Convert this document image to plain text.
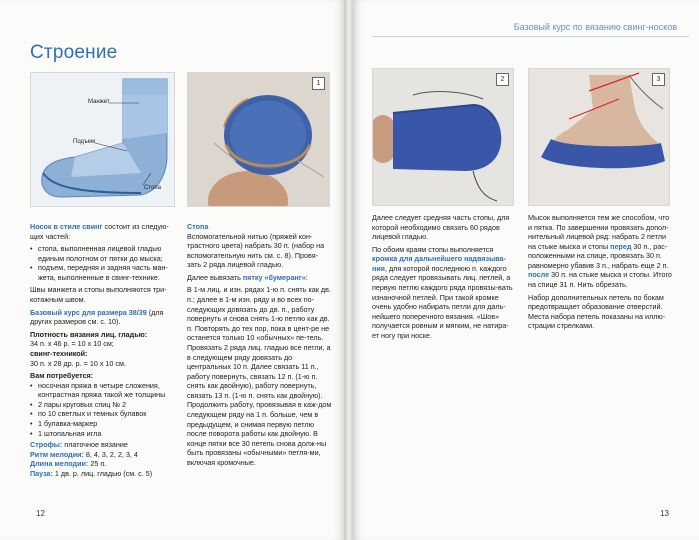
Строение
Манжет
Подъем
Стопа
1

Носок в стиле свинг состоит из следую-щих частей:

• стопа, выполненная лицевой гладью единым полотном от пятки до мыска;
• подъем, передняя и задняя часть ман-жета, выполненные в свинг-технике.

Швы манжета и стопы выполняются три-котажным швом.

Базовый курс для размера 38/39 (для других размеров см. с. 10).

Плотность вязания лиц. гладью:

34 п. х 46 р. = 10 х 10 см;

свинг-техникой:

30 п. х 28 др. р. = 10 х 10 см.

Вам потребуется:

• носочная пряжа в четыре сложения, контрастная пряжа такой же толщины
• 2 пары круговых спиц № 2
• по 10 светлых и темных булавок
• 1 булавка-маркер
• 1 штопальная игла

Строфы: платочное вязание

Ритм мелодии: 8, 4, 3, 2, 2, 3, 4

Длина мелодии: 25 п.

Пауза: 1 дв. р. лиц. гладью (см. с. 5)

Стопа

Вспомогательной нитью (пряжей кон-трастного цвета) набрать 30 п. (набор на вспомогательную нить см. с. 8). Провя-зать 2 ряда лицевой гладью.

Далее вывязать пятку «бумеранг»:

В 1-м лиц. и изн. рядах 1-ю п. снять как дв. п.; далее в 1-м изн. ряду и во всех по-следующих довязать до дв. п., работу повернуть и снова снять 1-ю петлю как дв. п. Повторять до тех пор, пока в цент-ре не останется только 10 «обычных» пе-тель. Провязать 2 ряда лиц. гладью все петли, а в следующем ряду довязать до центральных 10 п. Далее связать 11 п., работу повернуть, связать 12 п. (1-ю п. снять как двойную), работу повернуть, связать 13 п. (1-ю п. снять как двойную). Продолжить работу, провязывая в каж-дом следующем ряду на 1 п. больше, чем в предыдущем, и снимая первую петлю после поворота работы как двойную. В конце пятки все 30 петель снова долж-ны быть провязаны «обычными» петля-ми, включая кромочные.

12
Базовый курс по вязанию свинг-носков
2	3

Далее следует средняя часть стопы, для которой необходимо связать 60 рядов лицевой гладью.

По обоим краям стопы выполняется кромка для дальнейшего надвязыва-ния, для которой последнюю п. каждого ряда следует провязывать лиц. петлей, а первую петлю каждого ряда провязы-вать изнаночной петлей. При такой кромке очень удобно набирать петли для даль-нейшего поперечного вязания. «Шов» получается ровным и мягким, не натира-ет ногу при носке.

Мысок выполняется тем же способом, что и пятка. По завершении провязать допол-нительный лицевой ряд: набрать 2 петли на стыке мыска и стопы перед 30 п., рас-положенными на спице, провязать 30 п. равномерно убавив 3 п., набрать еще 2 п. после 30 п. на стыке мыска и стопы. Итого на спице 31 п. Нить обрезать.

Набор дополнительных петель по бокам предотвращает образование отверстий. Места набора петель показаны на иллю-страции стрелками.

13
